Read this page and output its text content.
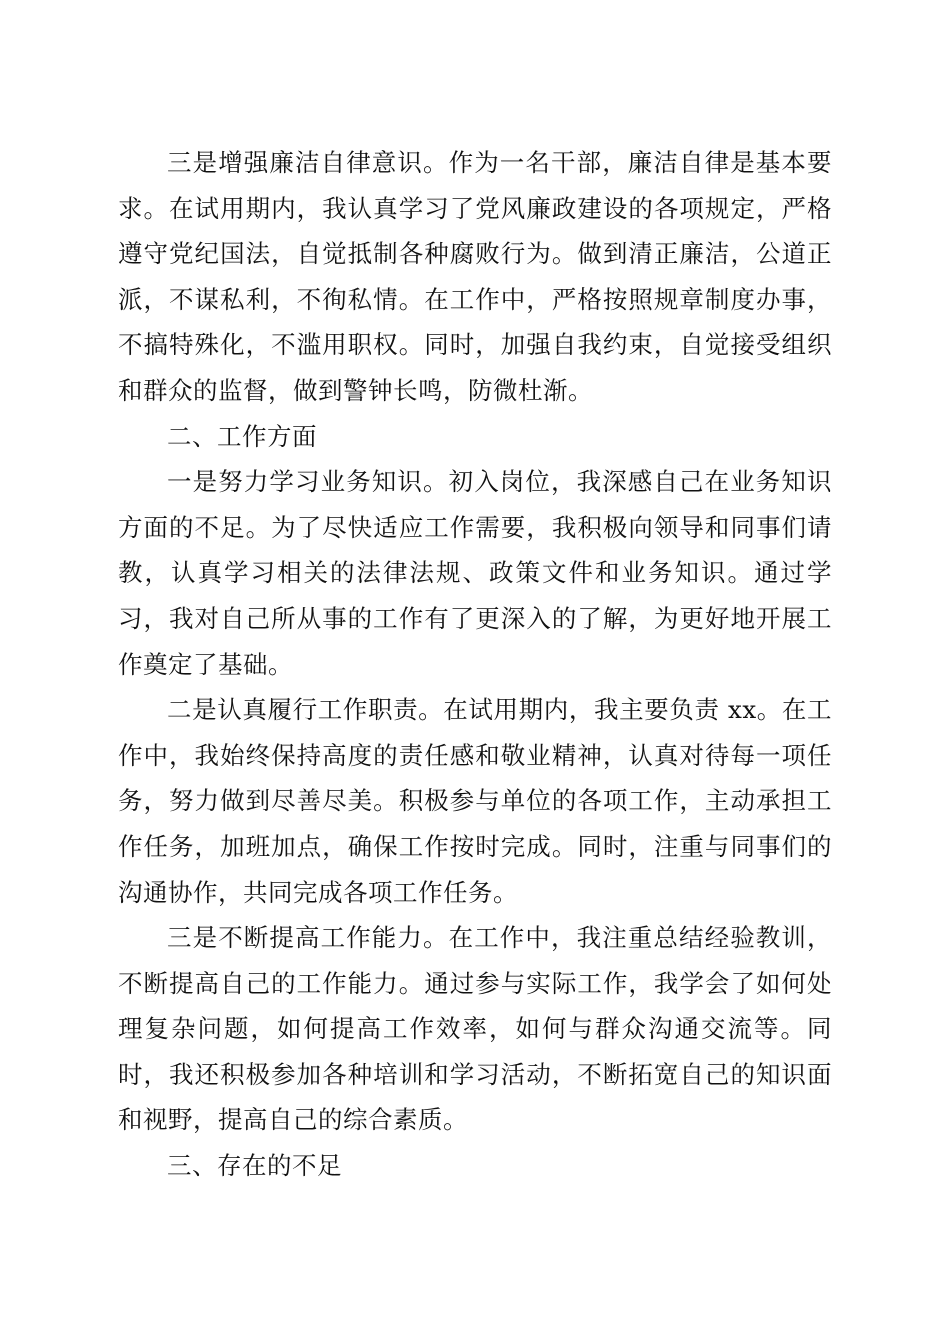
三是增强廉洁自律意识。作为一名干部，廉洁自律是基本要求。在试用期内，我认真学习了党风廉政建设的各项规定，严格遵守党纪国法，自觉抵制各种腐败行为。做到清正廉洁，公道正派，不谋私利，不徇私情。在工作中，严格按照规章制度办事，不搞特殊化，不滥用职权。同时，加强自我约束，自觉接受组织和群众的监督，做到警钟长鸣，防微杜渐。

二、工作方面

一是努力学习业务知识。初入岗位，我深感自己在业务知识方面的不足。为了尽快适应工作需要，我积极向领导和同事们请教，认真学习相关的法律法规、政策文件和业务知识。通过学习，我对自己所从事的工作有了更深入的了解，为更好地开展工作奠定了基础。

二是认真履行工作职责。在试用期内，我主要负责 xx。在工作中，我始终保持高度的责任感和敬业精神，认真对待每一项任务，努力做到尽善尽美。积极参与单位的各项工作，主动承担工作任务，加班加点，确保工作按时完成。同时，注重与同事们的沟通协作，共同完成各项工作任务。

三是不断提高工作能力。在工作中，我注重总结经验教训，不断提高自己的工作能力。通过参与实际工作，我学会了如何处理复杂问题，如何提高工作效率，如何与群众沟通交流等。同时，我还积极参加各种培训和学习活动，不断拓宽自己的知识面和视野，提高自己的综合素质。

三、存在的不足
